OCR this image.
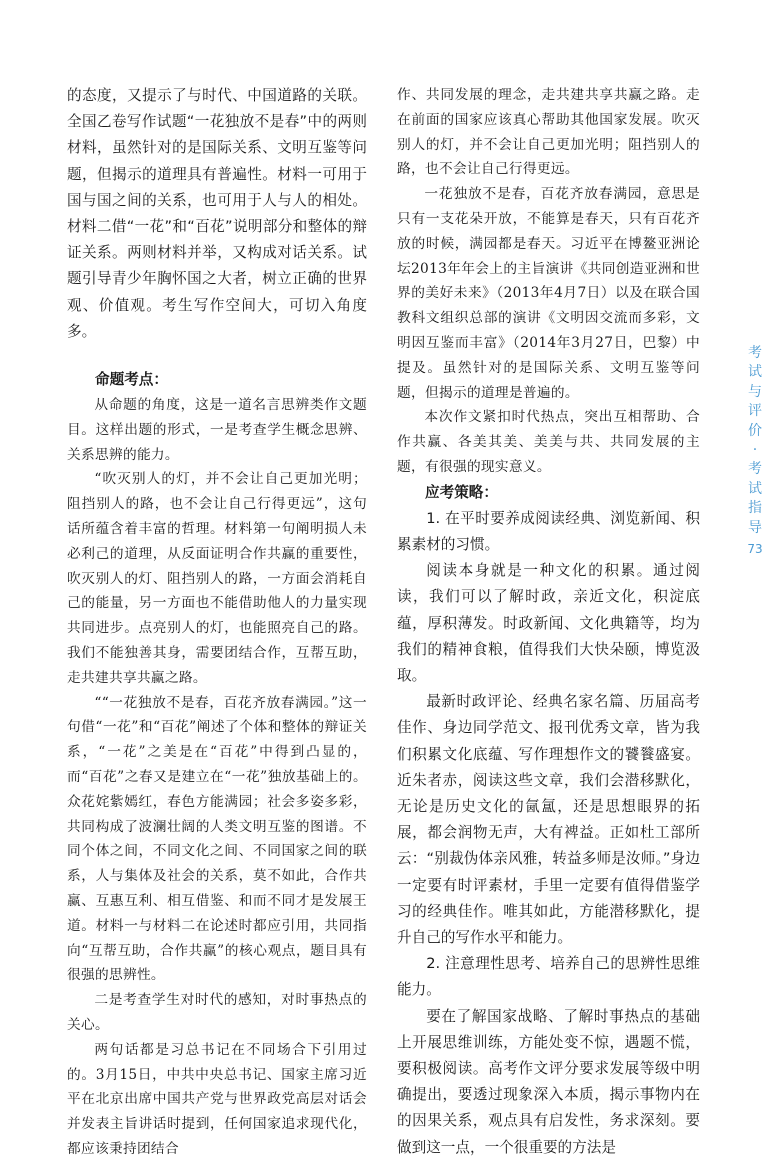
的态度，又提示了与时代、中国道路的关联。全国乙卷写作试题“一花独放不是春”中的两则材料，虽然针对的是国际关系、文明互鉴等问题，但揭示的道理具有普遍性。材料一可用于国与国之间的关系，也可用于人与人的相处。材料二借“一花”和“百花”说明部分和整体的辩证关系。两则材料并举，又构成对话关系。试题引导青少年胸怀国之大者，树立正确的世界观、价值观。考生写作空间大，可切入角度多。

命题考点：

从命题的角度，这是一道名言思辨类作文题目。这样出题的形式，一是考查学生概念思辨、关系思辨的能力。

“吹灭别人的灯，并不会让自己更加光明；阻挡别人的路，也不会让自己行得更远”，这句话所蕴含着丰富的哲理。材料第一句阐明损人未必利己的道理，从反面证明合作共赢的重要性，吹灭别人的灯、阻挡别人的路，一方面会消耗自己的能量，另一方面也不能借助他人的力量实现共同进步。点亮别人的灯，也能照亮自己的路。我们不能独善其身，需要团结合作，互帮互助，走共建共享共赢之路。

““一花独放不是春，百花齐放春满园。”这一句借“一花”和“百花”阐述了个体和整体的辩证关系，“一花”之美是在“百花”中得到凸显的，而“百花”之春又是建立在“一花”独放基础上的。众花姹紫嫣红，春色方能满园；社会多姿多彩，共同构成了波澜壮阔的人类文明互鉴的图谱。不同个体之间，不同文化之间、不同国家之间的联系，人与集体及社会的关系，莫不如此，合作共赢、互惠互利、相互借鉴、和而不同才是发展王道。材料一与材料二在论述时都应引用，共同指向“互帮互助，合作共赢”的核心观点，题目具有很强的思辨性。

二是考查学生对时代的感知，对时事热点的关心。

两句话都是习总书记在不同场合下引用过的。3月15日，中共中央总书记、国家主席习近平在北京出席中国共产党与世界政党高层对话会并发表主旨讲话时提到，任何国家追求现代化，都应该秉持团结合

作、共同发展的理念，走共建共享共赢之路。走在前面的国家应该真心帮助其他国家发展。吹灭别人的灯，并不会让自己更加光明；阻挡别人的路，也不会让自己行得更远。

一花独放不是春，百花齐放春满园，意思是只有一支花朵开放，不能算是春天，只有百花齐放的时候，满园都是春天。习近平在博鳌亚洲论坛2013年年会上的主旨演讲《共同创造亚洲和世界的美好未来》（2013年4月7日）以及在联合国教科文组织总部的演讲《文明因交流而多彩，文明因互鉴而丰富》（2014年3月27日，巴黎）中提及。虽然针对的是国际关系、文明互鉴等问题，但揭示的道理是普遍的。

本次作文紧扣时代热点，突出互相帮助、合作共赢、各美其美、美美与共、共同发展的主题，有很强的现实意义。

应考策略：

1. 在平时要养成阅读经典、浏览新闻、积累素材的习惯。

阅读本身就是一种文化的积累。通过阅读，我们可以了解时政，亲近文化，积淀底蕴，厚积薄发。时政新闻、文化典籍等，均为我们的精神食粮，值得我们大快朵颐，博览汲取。

最新时政评论、经典名家名篇、历届高考佳作、身边同学范文、报刊优秀文章，皆为我们积累文化底蕴、写作理想作文的饕餮盛宴。近朱者赤，阅读这些文章，我们会潜移默化，无论是历史文化的氤氲，还是思想眼界的拓展，都会润物无声，大有裨益。正如杜工部所云：“别裁伪体亲风雅，转益多师是汝师。”身边一定要有时评素材，手里一定要有值得借鉴学习的经典佳作。唯其如此，方能潜移默化，提升自己的写作水平和能力。

2. 注意理性思考、培养自己的思辨性思维能力。

要在了解国家战略、了解时事热点的基础上开展思维训练，方能处变不惊，遇题不慌，要积极阅读。高考作文评分要求发展等级中明确提出，要透过现象深入本质，揭示事物内在的因果关系，观点具有启发性，务求深刻。要做到这一点，一个很重要的方法是

考
试
与
评
价
·
考
试
指
导
73
